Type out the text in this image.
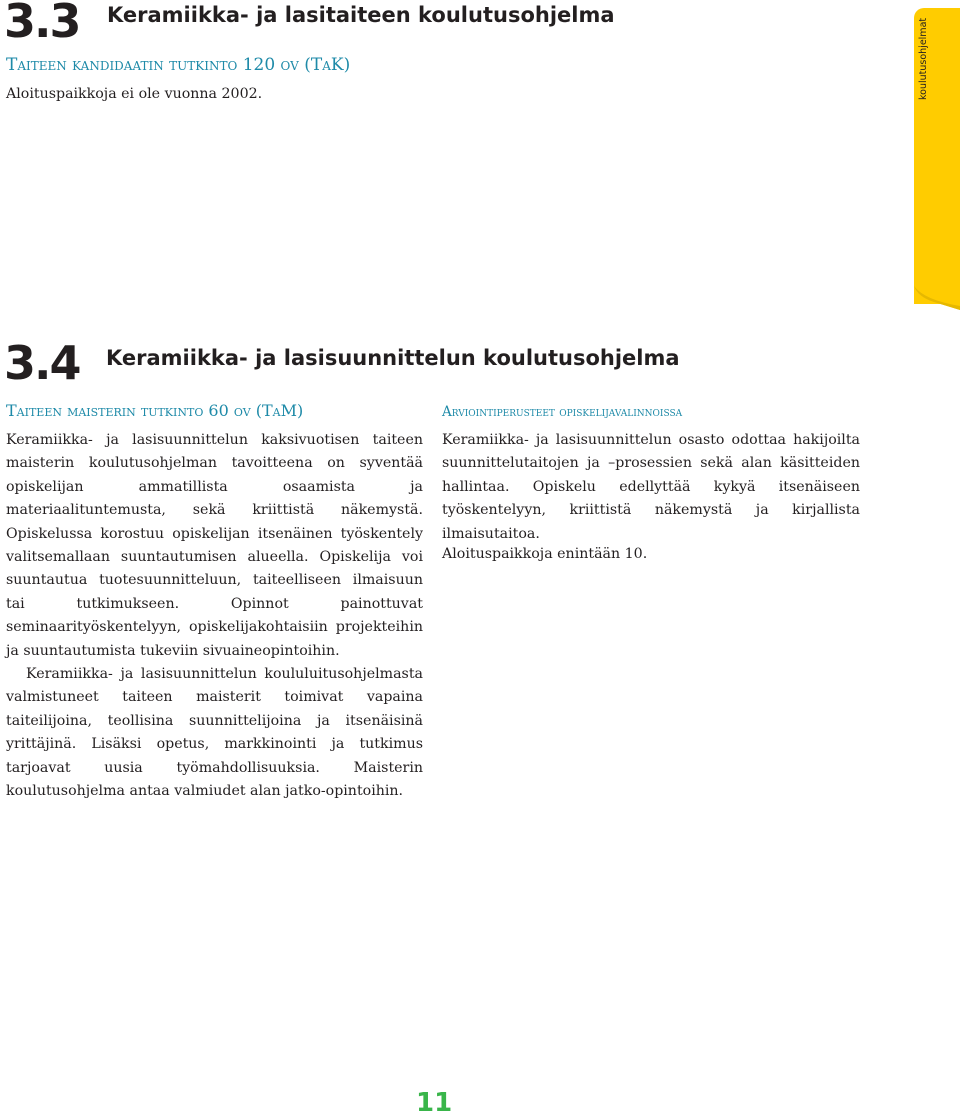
3.3 Keramiikka- ja lasitaiteen koulutusohjelma
Taiteen kandidaatin tutkinto 120 ov (TaK)
Aloituspaikkoja ei ole vuonna 2002.	koulutusohjelmat
3.4 Keramiikka- ja lasisuunnittelun koulutusohjelma
Taiteen maisterin tutkinto 60 ov (TaM)

Keramiikka- ja lasisuunnittelun kaksivuotisen taiteen maisterin koulutusohjelman tavoitteena on syventää opiskelijan ammatillista osaamista ja materiaalituntemusta, sekä kriittistä näkemystä. Opiskelussa korostuu opiskelijan itsenäinen työskentely valitsemallaan suuntautumisen alueella. Opiskelija voi suuntautua tuotesuunnitteluun, taiteelliseen ilmaisuun tai tutkimukseen. Opinnot painottuvat seminaarityöskentelyyn, opiskelijakohtaisiin projekteihin ja suuntautumista tukeviin sivuaineopintoihin.

Keramiikka- ja lasisuunnittelun koululuitusohjelmasta valmistuneet taiteen maisterit toimivat vapaina taiteilijoina, teollisina suunnittelijoina ja itsenäisinä yrittäjinä. Lisäksi opetus, markkinointi ja tutkimus tarjoavat uusia työmahdollisuuksia. Maisterin koulutusohjelma antaa valmiudet alan jatko-opintoihin.

Arviointiperusteet opiskelijavalinnoissa

Keramiikka- ja lasisuunnittelun osasto odottaa hakijoilta suunnittelutaitojen ja –prosessien sekä alan käsitteiden hallintaa. Opiskelu edellyttää kykyä itsenäiseen työskentelyyn, kriittistä näkemystä ja kirjallista ilmaisutaitoa.

Aloituspaikkoja enintään 10.
11
